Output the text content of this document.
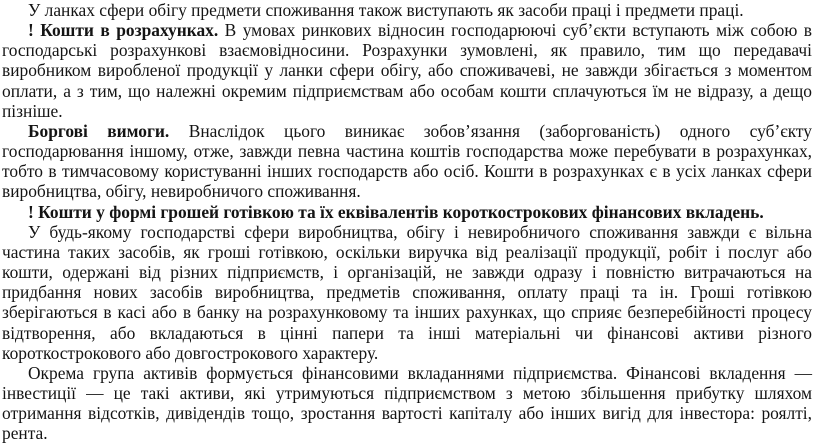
У ланках сфери обігу предмети споживання також виступають як засоби праці і предмети праці.

! Кошти в розрахунках. В умовах ринкових відносин господарюючі суб’єкти вступають між собою в господарські розрахункові взаємовідносини. Розрахунки зумовлені, як правило, тим що передавачі виробником виробленої продукції у ланки сфери обігу, або споживачеві, не завжди збігається з моментом оплати, а з тим, що належні окремим підприємствам або особам кошти сплачуються їм не відразу, а дещо пізніше.

Боргові вимоги. Внаслідок цього виникає зобов’язання (заборгованість) одного суб’єкту господарювання іншому, отже, завжди певна частина коштів господарства може перебувати в розрахунках, тобто в тимчасовому користуванні інших господарств або осіб. Кошти в розрахунках є в усіх ланках сфери виробництва, обігу, невиробничого споживання.

! Кошти у формі грошей готівкою та їх еквівалентів короткострокових фінансових вкладень.

У будь-якому господарстві сфери виробництва, обігу і невиробничого споживання завжди є вільна частина таких засобів, як гроші готівкою, оскільки виручка від реалізації продукції, робіт і послуг або кошти, одержані від різних підприємств, і організацій, не завжди одразу і повністю витрачаються на придбання нових засобів виробництва, предметів споживання, оплату праці та ін. Гроші готівкою зберігаються в касі або в банку на розрахунковому та інших рахунках, що сприяє безперебійності процесу відтворення, або вкладаються в цінні папери та інші матеріальні чи фінансові активи різного короткострокового або довгострокового характеру.

Окрема група активів формується фінансовими вкладаннями підприємства. Фінансові вкладення — інвестиції — це такі активи, які утримуються підприємством з метою збільшення прибутку шляхом отримання відсотків, дивідендів тощо, зростання вартості капіталу або інших вигід для інвестора: роялті, рента.
